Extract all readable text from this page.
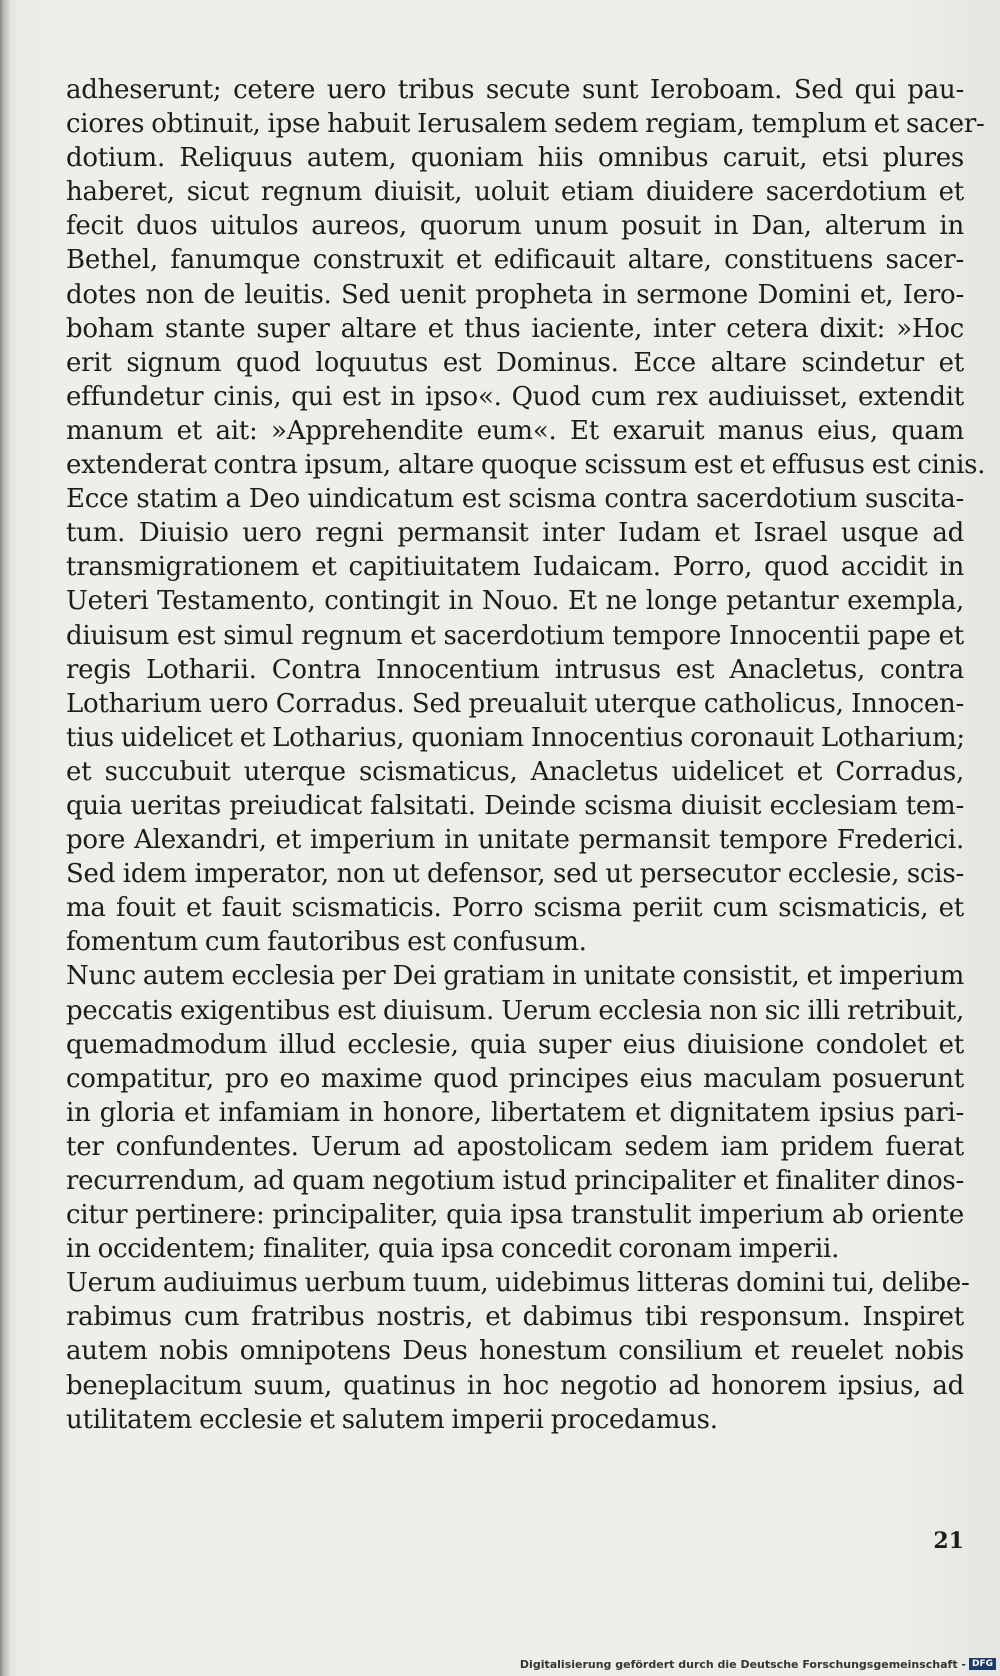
adheserunt; cetere uero tribus secute sunt Ieroboam. Sed qui pau-
ciores obtinuit, ipse habuit Ierusalem sedem regiam, templum et sacer-
dotium. Reliquus autem, quoniam hiis omnibus caruit, etsi plures
haberet, sicut regnum diuisit, uoluit etiam diuidere sacerdotium et
fecit duos uitulos aureos, quorum unum posuit in Dan, alterum in
Bethel, fanumque construxit et edificauit altare, constituens sacer-
dotes non de leuitis. Sed uenit propheta in sermone Domini et, Iero-
boham stante super altare et thus iaciente, inter cetera dixit: »Hoc
erit signum quod loquutus est Dominus. Ecce altare scindetur et
effundetur cinis, qui est in ipso«. Quod cum rex audiuisset, extendit
manum et ait: »Apprehendite eum«. Et exaruit manus eius, quam
extenderat contra ipsum, altare quoque scissum est et effusus est cinis.
Ecce statim a Deo uindicatum est scisma contra sacerdotium suscita-
tum. Diuisio uero regni permansit inter Iudam et Israel usque ad
transmigrationem et capitiuitatem Iudaicam. Porro, quod accidit in
Ueteri Testamento, contingit in Nouo. Et ne longe petantur exempla,
diuisum est simul regnum et sacerdotium tempore Innocentii pape et
regis Lotharii. Contra Innocentium intrusus est Anacletus, contra
Lotharium uero Corradus. Sed preualuit uterque catholicus, Innocen-
tius uidelicet et Lotharius, quoniam Innocentius coronauit Lotharium;
et succubuit uterque scismaticus, Anacletus uidelicet et Corradus,
quia ueritas preiudicat falsitati. Deinde scisma diuisit ecclesiam tem-
pore Alexandri, et imperium in unitate permansit tempore Frederici.
Sed idem imperator, non ut defensor, sed ut persecutor ecclesie, scis-
ma fouit et fauit scismaticis. Porro scisma periit cum scismaticis, et
fomentum cum fautoribus est confusum.
Nunc autem ecclesia per Dei gratiam in unitate consistit, et imperium
peccatis exigentibus est diuisum. Uerum ecclesia non sic illi retribuit,
quemadmodum illud ecclesie, quia super eius diuisione condolet et
compatitur, pro eo maxime quod principes eius maculam posuerunt
in gloria et infamiam in honore, libertatem et dignitatem ipsius pari-
ter confundentes. Uerum ad apostolicam sedem iam pridem fuerat
recurrendum, ad quam negotium istud principaliter et finaliter dinos-
citur pertinere: principaliter, quia ipsa transtulit imperium ab oriente
in occidentem; finaliter, quia ipsa concedit coronam imperii.
Uerum audiuimus uerbum tuum, uidebimus litteras domini tui, delibe-
rabimus cum fratribus nostris, et dabimus tibi responsum. Inspiret
autem nobis omnipotens Deus honestum consilium et reuelet nobis
beneplacitum suum, quatinus in hoc negotio ad honorem ipsius, ad
utilitatem ecclesie et salutem imperii procedamus.
21
Digitalisierung gefördert durch die Deutsche Forschungsgemeinschaft - DFG
